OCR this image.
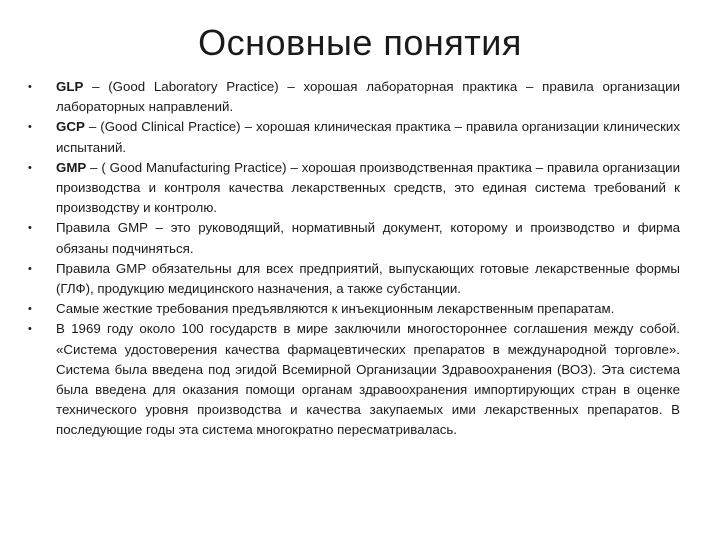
Основные понятия
• GLP – (Good Laboratory Practice) – хорошая лабораторная практика – правила организации лабораторных направлений.
• GCP – (Good Clinical Practice) – хорошая клиническая практика – правила организации клинических испытаний.
• GMP – ( Good Manufacturing Practice) – хорошая производственная практика – правила организации производства и контроля качества лекарственных средств, это единая система требований к производству и контролю.
• Правила GMP – это руководящий, нормативный документ, которому и производство и фирма обязаны подчиняться.
• Правила GMP обязательны для всех предприятий, выпускающих готовые лекарственные формы (ГЛФ), продукцию медицинского назначения, а также субстанции.
• Самые жесткие требования предъявляются к инъекционным лекарственным препаратам.
• В 1969 году около 100 государств в мире заключили многостороннее соглашения между собой. «Система удостоверения качества фармацевтических препаратов в международной торговле». Система была введена под эгидой Всемирной Организации Здравоохранения (ВОЗ). Эта система была введена для оказания помощи органам здравоохранения импортирующих стран в оценке технического уровня производства и качества закупаемых ими лекарственных препаратов. В последующие годы эта система многократно пересматривалась.
